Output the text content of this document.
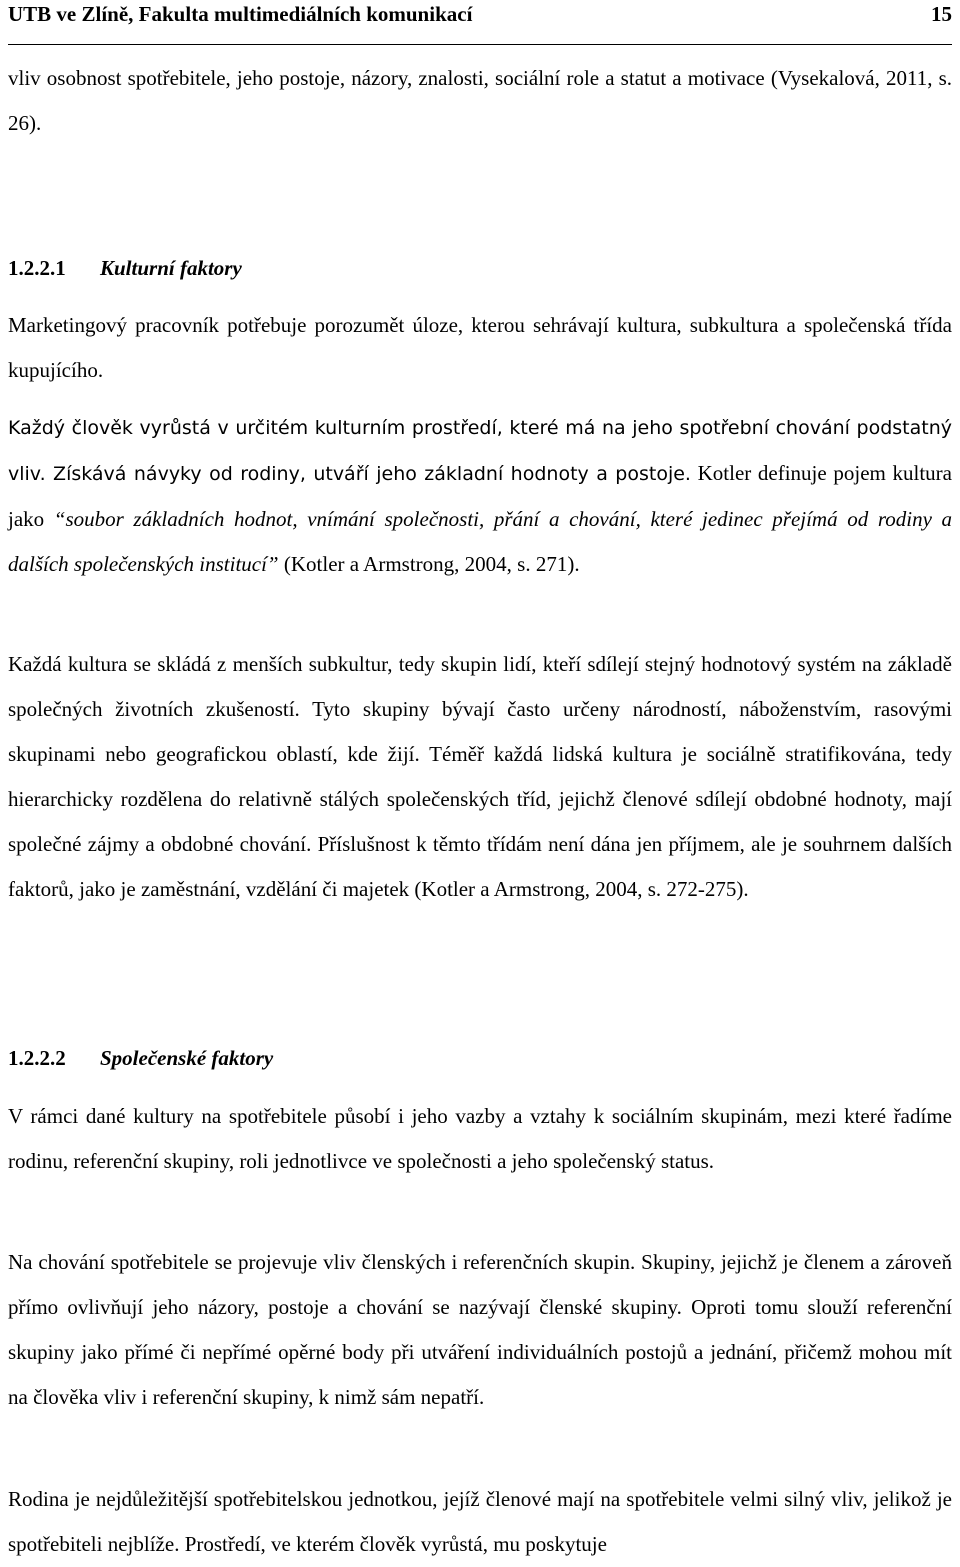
UTB ve Zlíně, Fakulta multimediálních komunikací	15
vliv osobnost spotřebitele, jeho postoje, názory, znalosti, sociální role a statut a motivace (Vysekalová, 2011, s. 26).
1.2.2.1 Kulturní faktory
Marketingový pracovník potřebuje porozumět úloze, kterou sehrávají kultura, subkultura a společenská třída kupujícího.
Každý člověk vyrůstá v určitém kulturním prostředí, které má na jeho spotřební chování podstatný vliv. Získává návyky od rodiny, utváří jeho základní hodnoty a postoje. Kotler definuje pojem kultura jako “soubor základních hodnot, vnímání společnosti, přání a chování, které jedinec přejímá od rodiny a dalších společenských institucí” (Kotler a Armstrong, 2004, s. 271).
Každá kultura se skládá z menších subkultur, tedy skupin lidí, kteří sdílejí stejný hodnotový systém na základě společných životních zkušeností. Tyto skupiny bývají často určeny národností, náboženstvím, rasovými skupinami nebo geografickou oblastí, kde žijí. Téměř každá lidská kultura je sociálně stratifikována, tedy hierarchicky rozdělena do relativně stálých společenských tříd, jejichž členové sdílejí obdobné hodnoty, mají společné zájmy a obdobné chování. Příslušnost k těmto třídám není dána jen příjmem, ale je souhrnem dalších faktorů, jako je zaměstnání, vzdělání či majetek (Kotler a Armstrong, 2004, s. 272-275).
1.2.2.2 Společenské faktory
V rámci dané kultury na spotřebitele působí i jeho vazby a vztahy k sociálním skupinám, mezi které řadíme rodinu, referenční skupiny, roli jednotlivce ve společnosti a jeho společenský status.
Na chování spotřebitele se projevuje vliv členských i referenčních skupin. Skupiny, jejichž je členem a zároveň přímo ovlivňují jeho názory, postoje a chování se nazývají členské skupiny. Oproti tomu slouží referenční skupiny jako přímé či nepřímé opěrné body při utváření individuálních postojů a jednání, přičemž mohou mít na člověka vliv i referenční skupiny, k nimž sám nepatří.
Rodina je nejdůležitější spotřebitelskou jednotkou, jejíž členové mají na spotřebitele velmi silný vliv, jelikož je spotřebiteli nejblíže. Prostředí, ve kterém člověk vyrůstá, mu poskytuje
